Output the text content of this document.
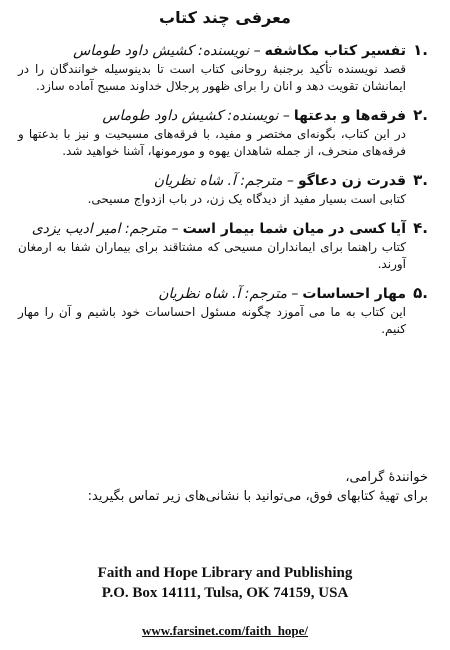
معرفی چند کتاب
.۱
تفسیر کتاب مکاشفه
– نویسنده: کشیش داود طوماس
قصد نویسنده تأکید برجنبهٔ روحانی کتاب است تا بدینوسیله خوانندگان را در ایمانشان تقویت دهد و انان را برای ظهور پرجلال خداوند مسیح آماده سازد.
.۲
فرقه‌ها و بدعتها
– نویسنده: کشیش داود طوماس
در این کتاب، بگونه‌ای مختصر و مفید، با فرقه‌های مسیحیت و نیز با بدعتها و فرقه‌های منحرف، از جمله شاهدان یهوه و مورمونها، آشنا خواهید شد.
.۳
قدرت زن دعاگو
– مترجم: آ. شاه نظریان
کتابی است بسیار مفید از دیدگاه یک زن، در باب ازدواج مسیحی.
.۴
آیا کسی در میان شما بیمار است
– مترجم: امیر ادیب یزدی
کتاب راهنما برای ایمانداران مسیحی که مشتاقند برای بیماران شفا به ارمغان آورند.
.۵
مهار احساسات
– مترجم: آ. شاه نظریان
این کتاب به ما می آموزد چگونه مسئول احساسات خود باشیم و آن را مهار کنیم.
خوانندهٔ گرامی،
برای تهیهٔ کتابهای فوق، می‌توانید با نشانی‌های زیر تماس بگیرید:
Faith and Hope Library and Publishing
P.O. Box 14111, Tulsa, OK 74159, USA
www.farsinet.com/faith_hope/
